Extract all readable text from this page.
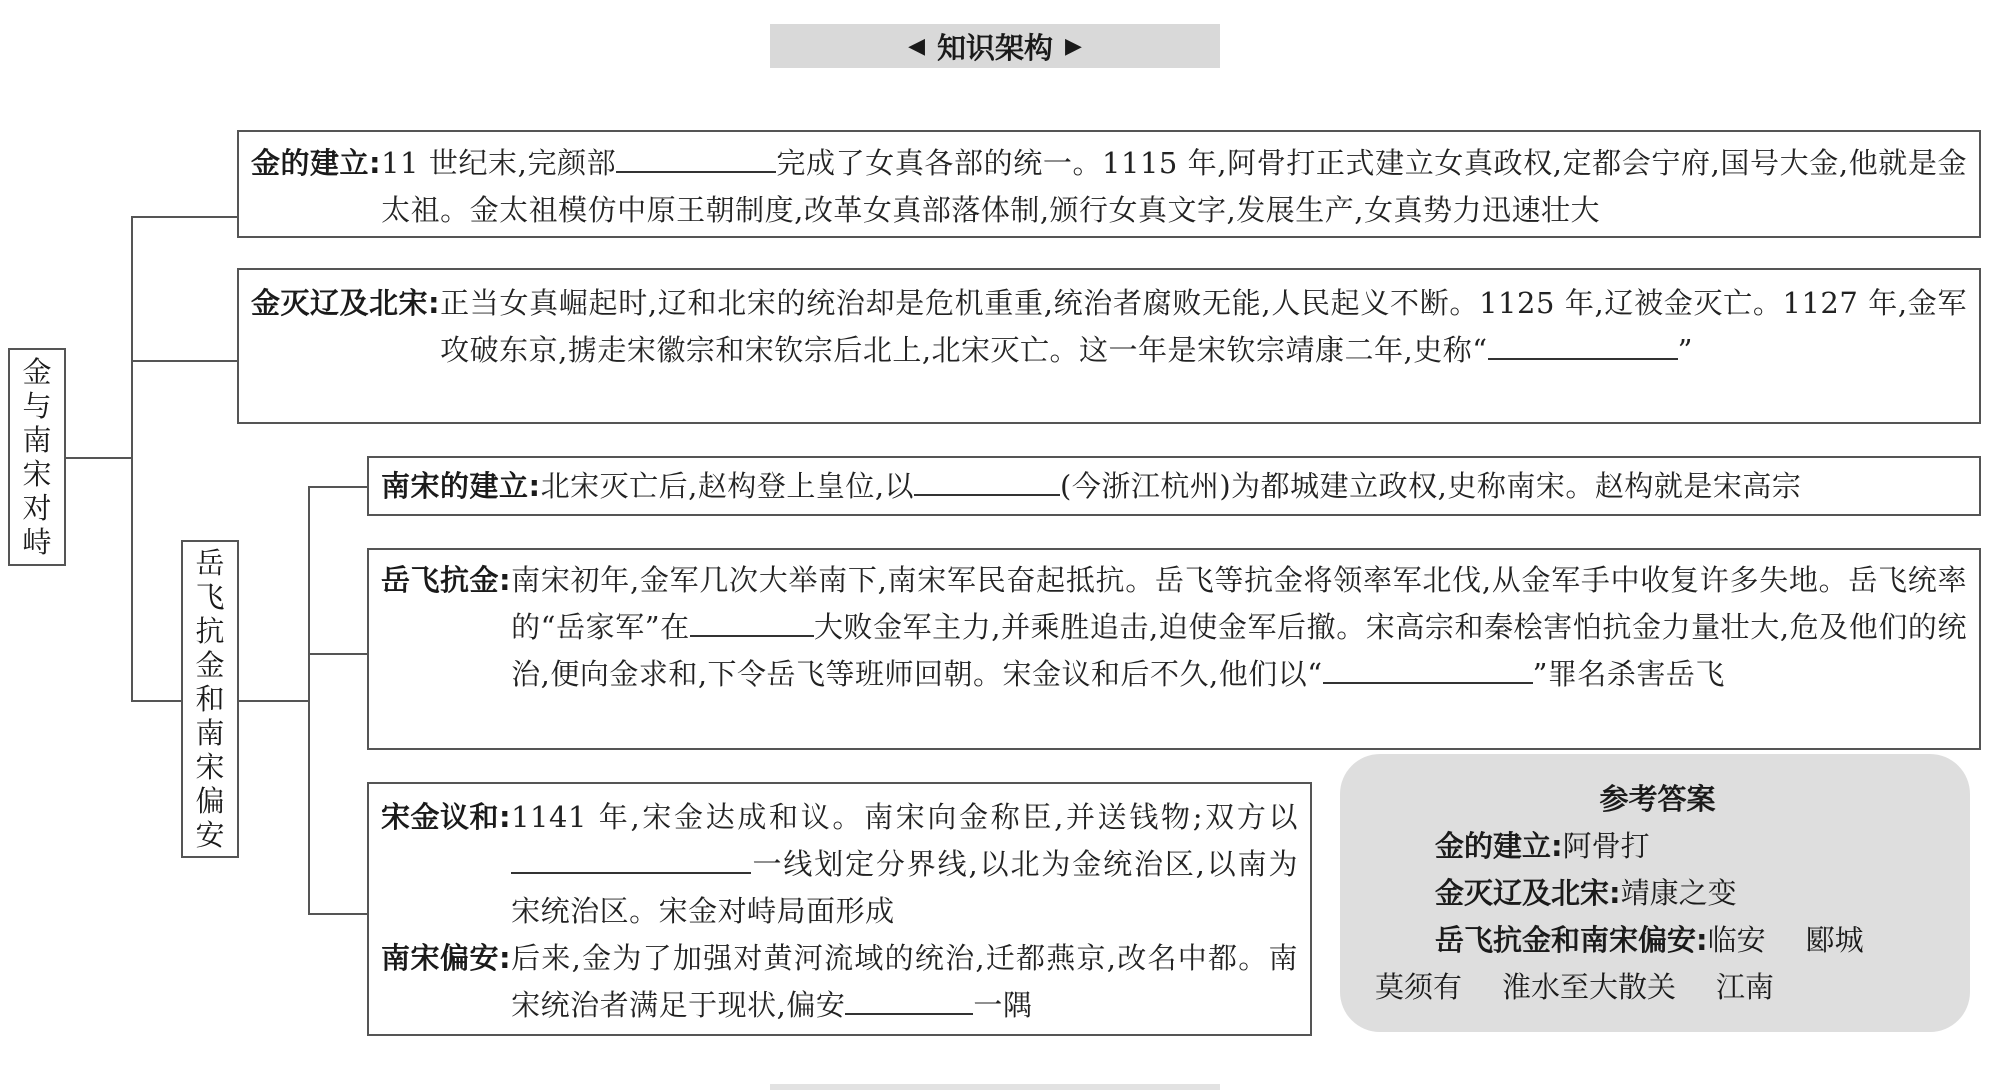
◀ 知识架构 ▶
金与南宋对峙
岳飞抗金和南宋偏安
金的建立: 11 世纪末,完颜部	完成了女真各部的统一。1115 年,阿骨打正式建立女真政权,定都会宁府,国号大金,他就是金太祖。金太祖模仿中原王朝制度,改革女真部落体制,颁行女真文字,发展生产,女真势力迅速壮大
金灭辽及北宋: 正当女真崛起时,辽和北宋的统治却是危机重重,统治者腐败无能,人民起义不断。1125 年,辽被金灭亡。1127 年,金军攻破东京,掳走宋徽宗和宋钦宗后北上,北宋灭亡。这一年是宋钦宗靖康二年,史称“	”
南宋的建立: 北宋灭亡后,赵构登上皇位,以	(今浙江杭州)为都城建立政权,史称南宋。赵构就是宋高宗
岳飞抗金: 南宋初年,金军几次大举南下,南宋军民奋起抵抗。岳飞等抗金将领率军北伐,从金军手中收复许多失地。岳飞统率的“岳家军”在	大败金军主力,并乘胜追击,迫使金军后撤。宋高宗和秦桧害怕抗金力量壮大,危及他们的统治,便向金求和,下令岳飞等班师回朝。宋金议和后不久,他们以“	”罪名杀害岳飞
宋金议和: 1141 年,宋金达成和议。南宋向金称臣,并送钱物;双方以一线划定分界线,以北为金统治区,以南为宋统治区。宋金对峙局面形成
南宋偏安: 后来,金为了加强对黄河流域的统治,迁都燕京,改名中都。南宋统治者满足于现状,偏安	一隅
参考答案
金的建立:阿骨打
金灭辽及北宋:靖康之变
岳飞抗金和南宋偏安:临安 郾城
莫须有 淮水至大散关 江南
